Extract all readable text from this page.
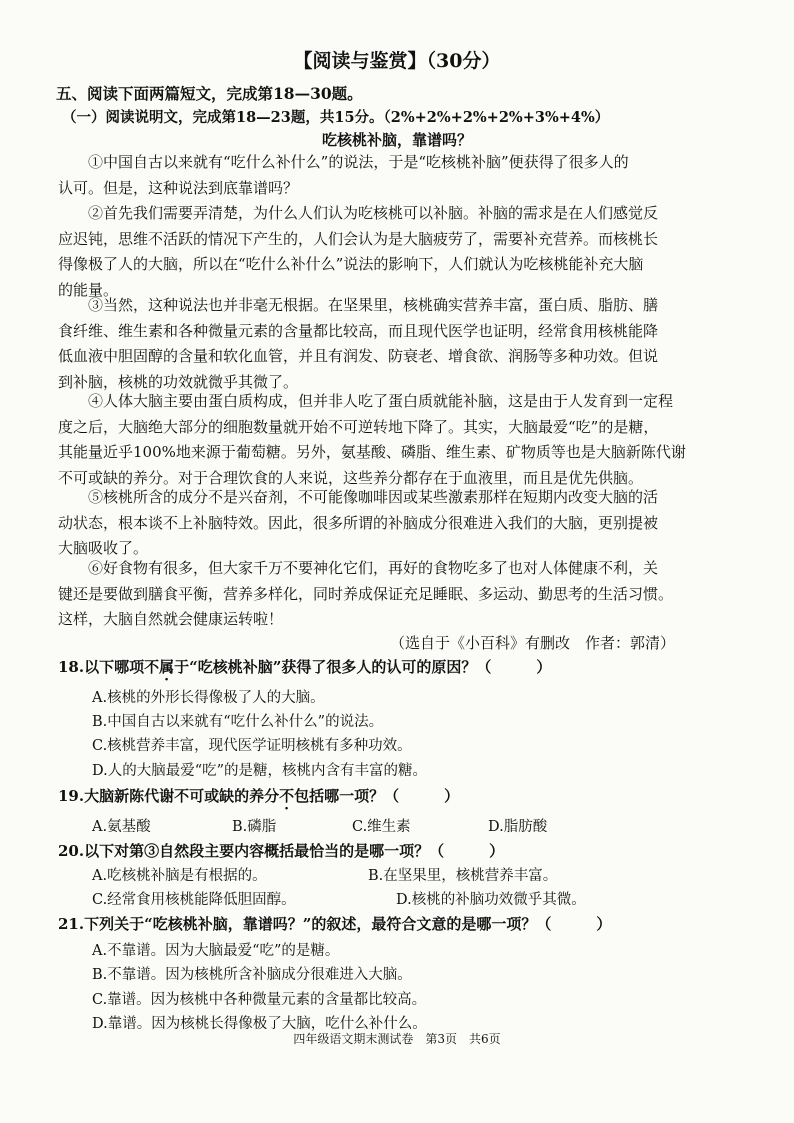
【阅读与鉴赏】（30分）
五、阅读下面两篇短文，完成第18—30题。
（一）阅读说明文，完成第18—23题，共15分。（2%+2%+2%+2%+3%+4%）
吃核桃补脑，靠谱吗？
①中国自古以来就有“吃什么补什么”的说法，于是“吃核桃补脑”便获得了很多人的
认可。但是，这种说法到底靠谱吗？
②首先我们需要弄清楚，为什么人们认为吃核桃可以补脑。补脑的需求是在人们感觉反
应迟钝，思维不活跃的情况下产生的，人们会认为是大脑疲劳了，需要补充营养。而核桃长
得像极了人的大脑，所以在“吃什么补什么”说法的影响下，人们就认为吃核桃能补充大脑
的能量。
③当然，这种说法也并非毫无根据。在坚果里，核桃确实营养丰富，蛋白质、脂肪、膳
食纤维、维生素和各种微量元素的含量都比较高，而且现代医学也证明，经常食用核桃能降
低血液中胆固醇的含量和软化血管，并且有润发、防衰老、增食欲、润肠等多种功效。但说
到补脑，核桃的功效就微乎其微了。
④人体大脑主要由蛋白质构成，但并非人吃了蛋白质就能补脑，这是由于人发育到一定程
度之后，大脑绝大部分的细胞数量就开始不可逆转地下降了。其实，大脑最爱“吃”的是糖，
其能量近乎100%地来源于葡萄糖。另外，氨基酸、磷脂、维生素、矿物质等也是大脑新陈代谢
不可或缺的养分。对于合理饮食的人来说，这些养分都存在于血液里，而且是优先供脑。
⑤核桃所含的成分不是兴奋剂，不可能像咖啡因或某些激素那样在短期内改变大脑的活
动状态，根本谈不上补脑特效。因此，很多所谓的补脑成分很难进入我们的大脑，更别提被
大脑吸收了。
⑥好食物有很多，但大家千万不要神化它们，再好的食物吃多了也对人体健康不利，关
键还是要做到膳食平衡，营养多样化，同时养成保证充足睡眠、多运动、勤思考的生活习惯。
这样，大脑自然就会健康运转啦！
（选自于《小百科》有删改　作者：郭清）
18.以下哪项不属于“吃核桃补脑”获得了很多人的认可的原因？（　　　）
A.核桃的外形长得像极了人的大脑。
B.中国自古以来就有“吃什么补什么”的说法。
C.核桃营养丰富，现代医学证明核桃有多种功效。
D.人的大脑最爱“吃”的是糖，核桃内含有丰富的糖。
19.大脑新陈代谢不可或缺的养分不包括哪一项？（　　　）
A.氨基酸	B.磷脂	C.维生素	D.脂肪酸
20.以下对第③自然段主要内容概括最恰当的是哪一项？（　　　）
A.吃核桃补脑是有根据的。	B.在坚果里，核桃营养丰富。
C.经常食用核桃能降低胆固醇。	D.核桃的补脑功效微乎其微。
21.下列关于“吃核桃补脑，靠谱吗？”的叙述，最符合文意的是哪一项？（　　　）
A.不靠谱。因为大脑最爱“吃”的是糖。
B.不靠谱。因为核桃所含补脑成分很难进入大脑。
C.靠谱。因为核桃中各种微量元素的含量都比较高。
D.靠谱。因为核桃长得像极了大脑，吃什么补什么。
四年级语文期末测试卷　第3页　共6页
